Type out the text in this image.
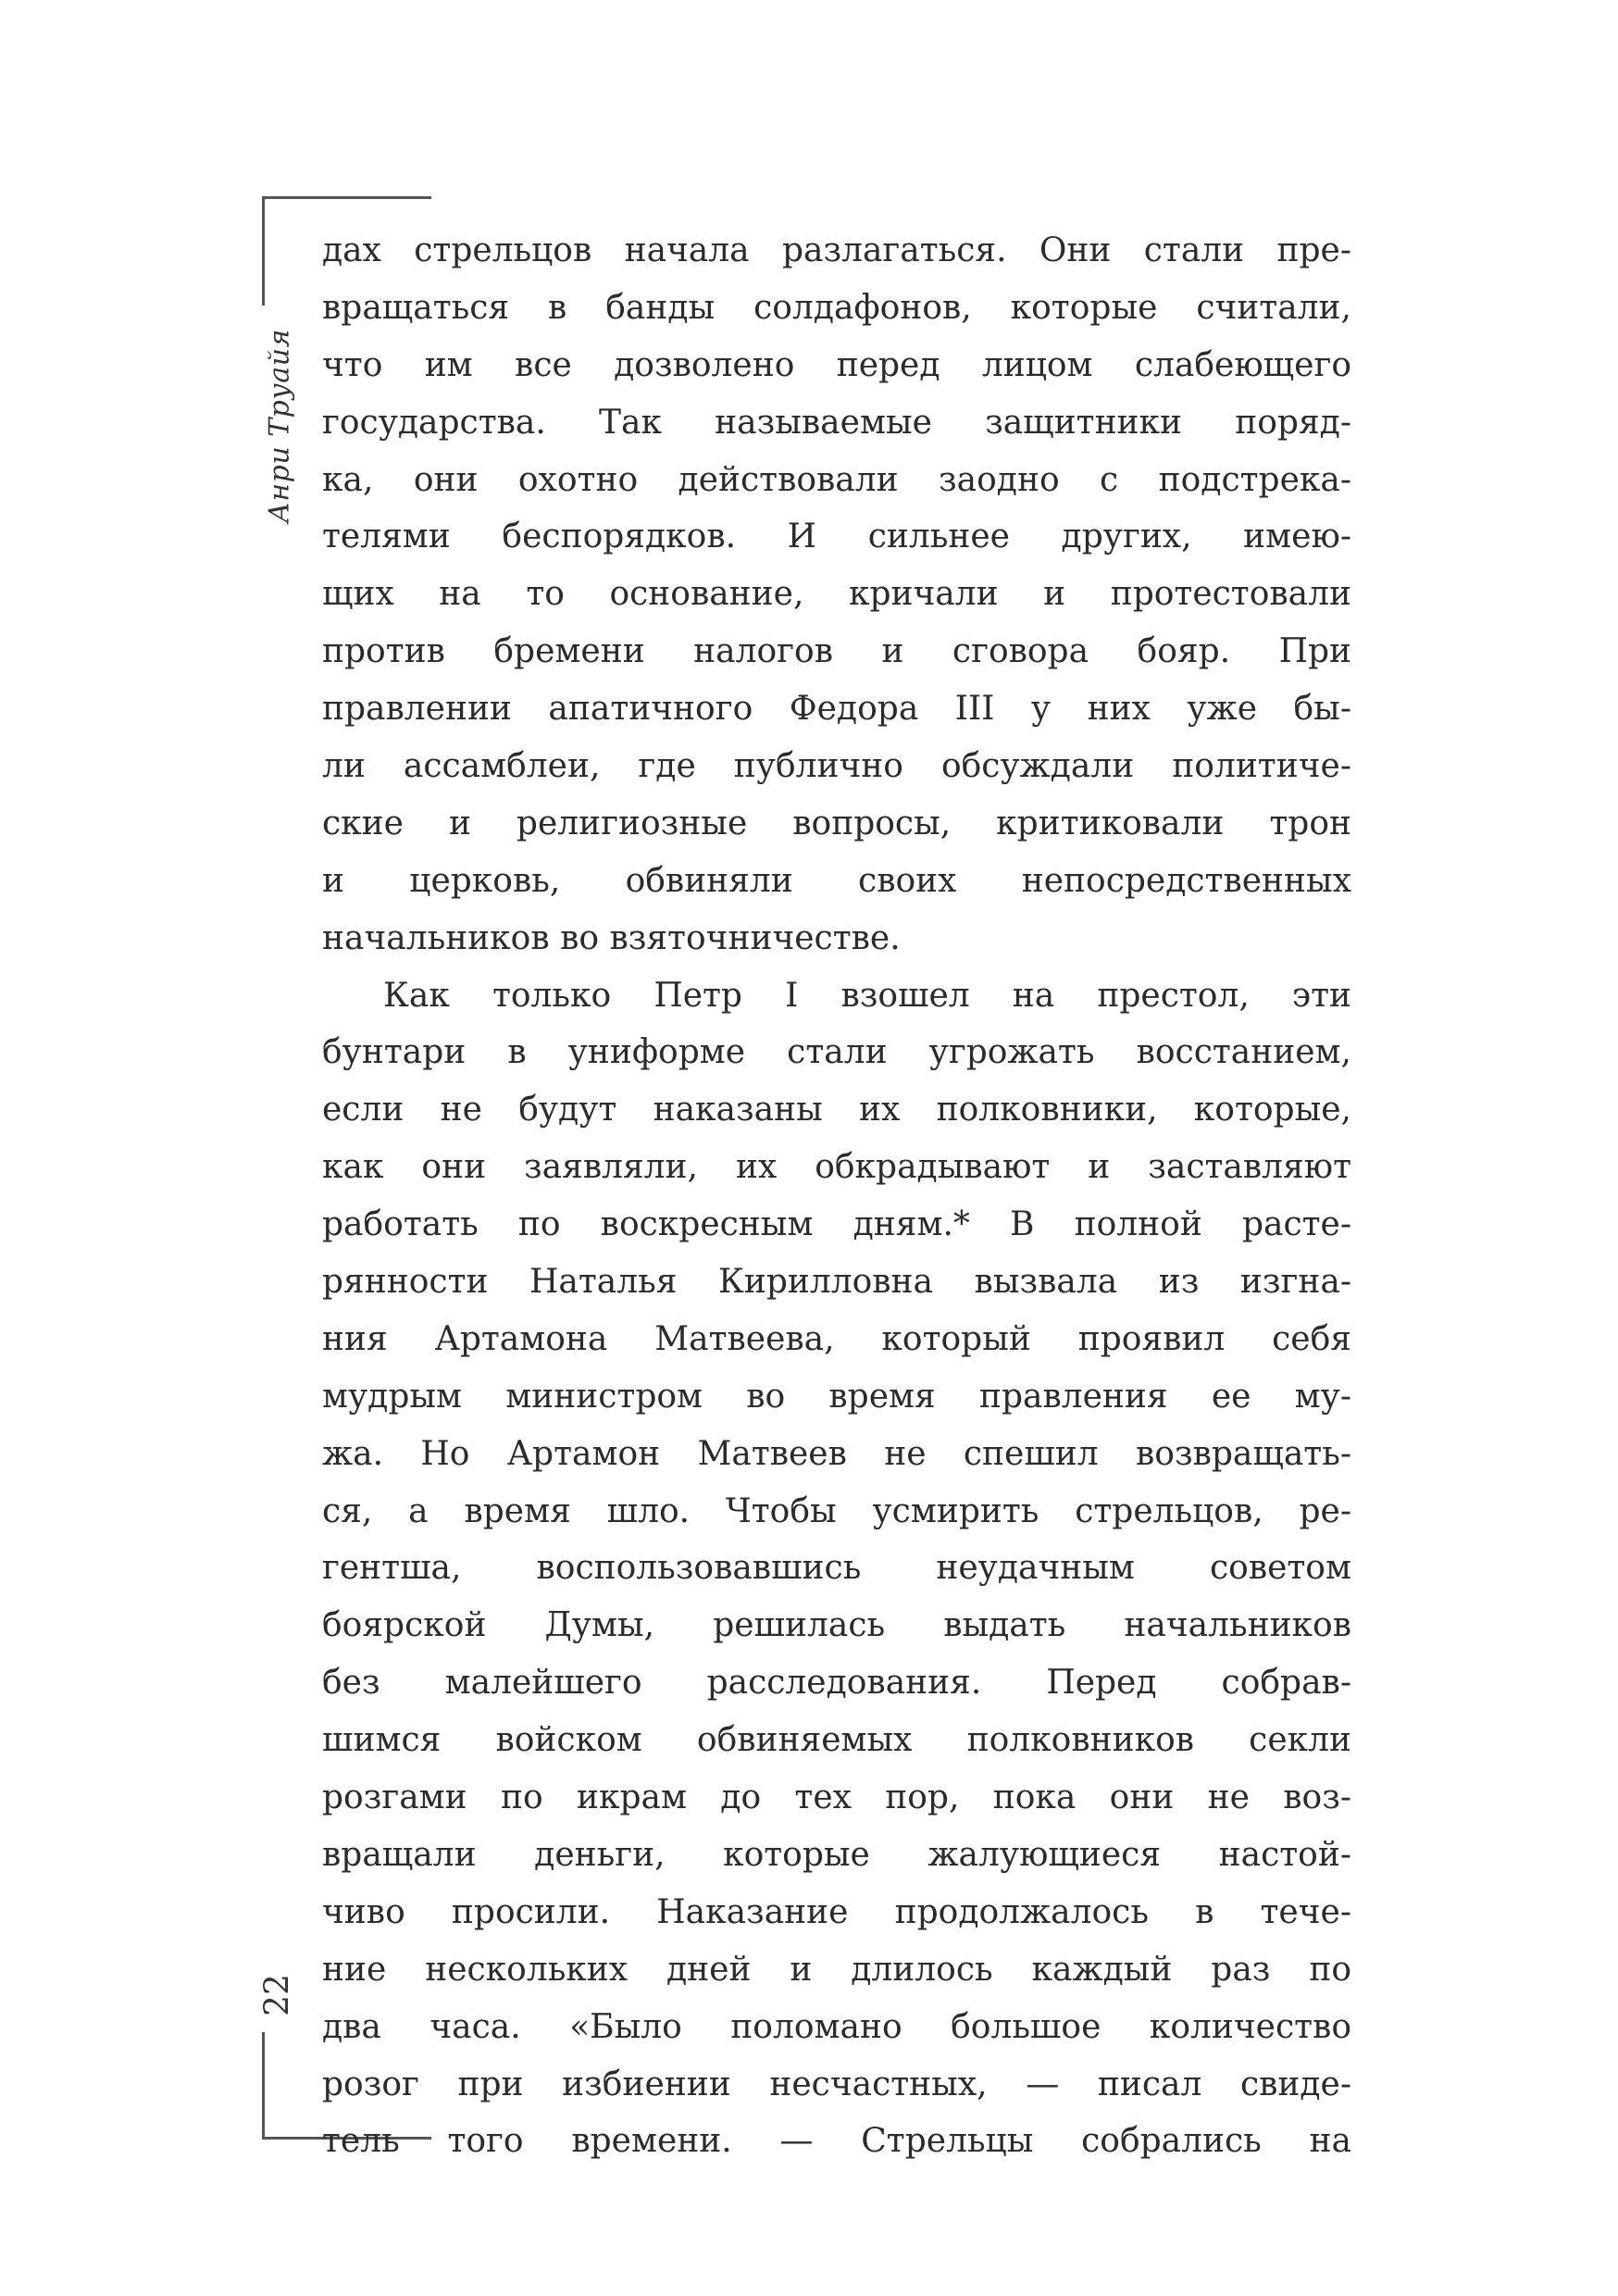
Анри Труайя
22
дах стрельцов начала разлагаться. Они стали пре-
вращаться в банды солдафонов, которые считали,
что им все дозволено перед лицом слабеющего
государства. Так называемые защитники поряд-
ка, они охотно действовали заодно с подстрека-
телями беспорядков. И сильнее других, имею-
щих на то основание, кричали и протестовали
против бремени налогов и сговора бояр. При
правлении апатичного Федора III у них уже бы-
ли ассамблеи, где публично обсуждали политиче-
ские и религиозные вопросы, критиковали трон
и церковь, обвиняли своих непосредственных
начальников во взяточничестве.
Как только Петр I взошел на престол, эти
бунтари в униформе стали угрожать восстанием,
если не будут наказаны их полковники, которые,
как они заявляли, их обкрадывают и заставляют
работать по воскресным дням.* В полной расте-
рянности Наталья Кирилловна вызвала из изгна-
ния Артамона Матвеева, который проявил себя
мудрым министром во время правления ее му-
жа. Но Артамон Матвеев не спешил возвращать-
ся, а время шло. Чтобы усмирить стрельцов, ре-
гентша, воспользовавшись неудачным советом
боярской Думы, решилась выдать начальников
без малейшего расследования. Перед собрав-
шимся войском обвиняемых полковников секли
розгами по икрам до тех пор, пока они не воз-
вращали деньги, которые жалующиеся настой-
чиво просили. Наказание продолжалось в тече-
ние нескольких дней и длилось каждый раз по
два часа. «Было поломано большое количество
розог при избиении несчастных, — писал свиде-
тель того времени. — Стрельцы собрались на
